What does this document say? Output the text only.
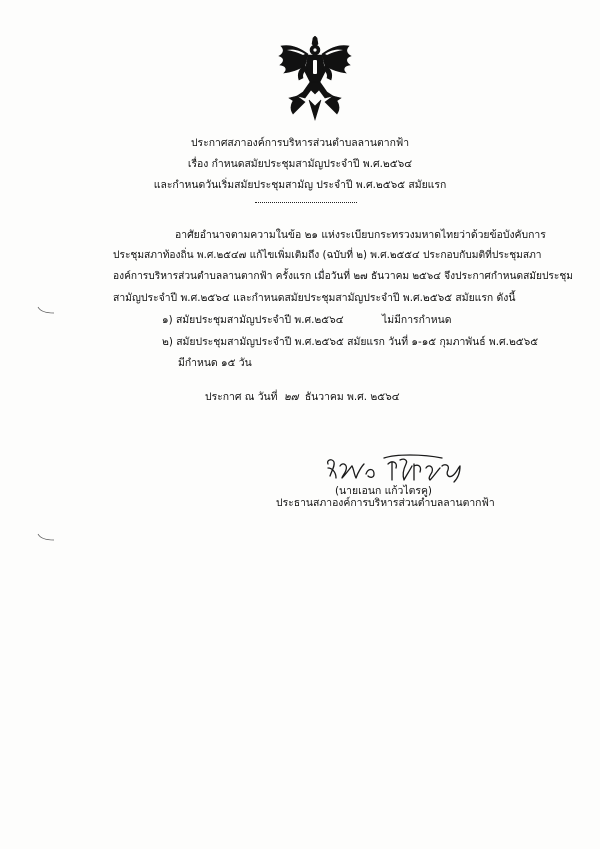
ประกาศสภาองค์การบริหารส่วนตำบลลานตากฟ้า
เรื่อง กำหนดสมัยประชุมสามัญประจำปี พ.ศ.๒๕๖๔
และกำหนดวันเริ่มสมัยประชุมสามัญ ประจำปี พ.ศ.๒๕๖๕ สมัยแรก
อาศัยอำนาจตามความในข้อ ๒๑ แห่งระเบียบกระทรวงมหาดไทยว่าด้วยข้อบังคับการ
ประชุมสภาท้องถิ่น พ.ศ.๒๕๔๗ แก้ไขเพิ่มเติมถึง (ฉบับที่ ๒) พ.ศ.๒๕๕๔ ประกอบกับมติที่ประชุมสภา
องค์การบริหารส่วนตำบลลานตากฟ้า ครั้งแรก เมื่อวันที่ ๒๗ ธันวาคม ๒๕๖๔ จึงประกาศกำหนดสมัยประชุม
สามัญประจำปี พ.ศ.๒๕๖๔ และกำหนดสมัยประชุมสามัญประจำปี พ.ศ.๒๕๖๕ สมัยแรก ดังนี้
๑) สมัยประชุมสามัญประจำปี พ.ศ.๒๕๖๔	ไม่มีการกำหนด
๒) สมัยประชุมสามัญประจำปี พ.ศ.๒๕๖๕ สมัยแรก วันที่ ๑-๑๕ กุมภาพันธ์ พ.ศ.๒๕๖๕
มีกำหนด ๑๕ วัน
ประกาศ ณ วันที่ ๒๗ ธันวาคม พ.ศ. ๒๕๖๔
(นายเอนก แก้วไตรคู)
ประธานสภาองค์การบริหารส่วนตำบลลานตากฟ้า
